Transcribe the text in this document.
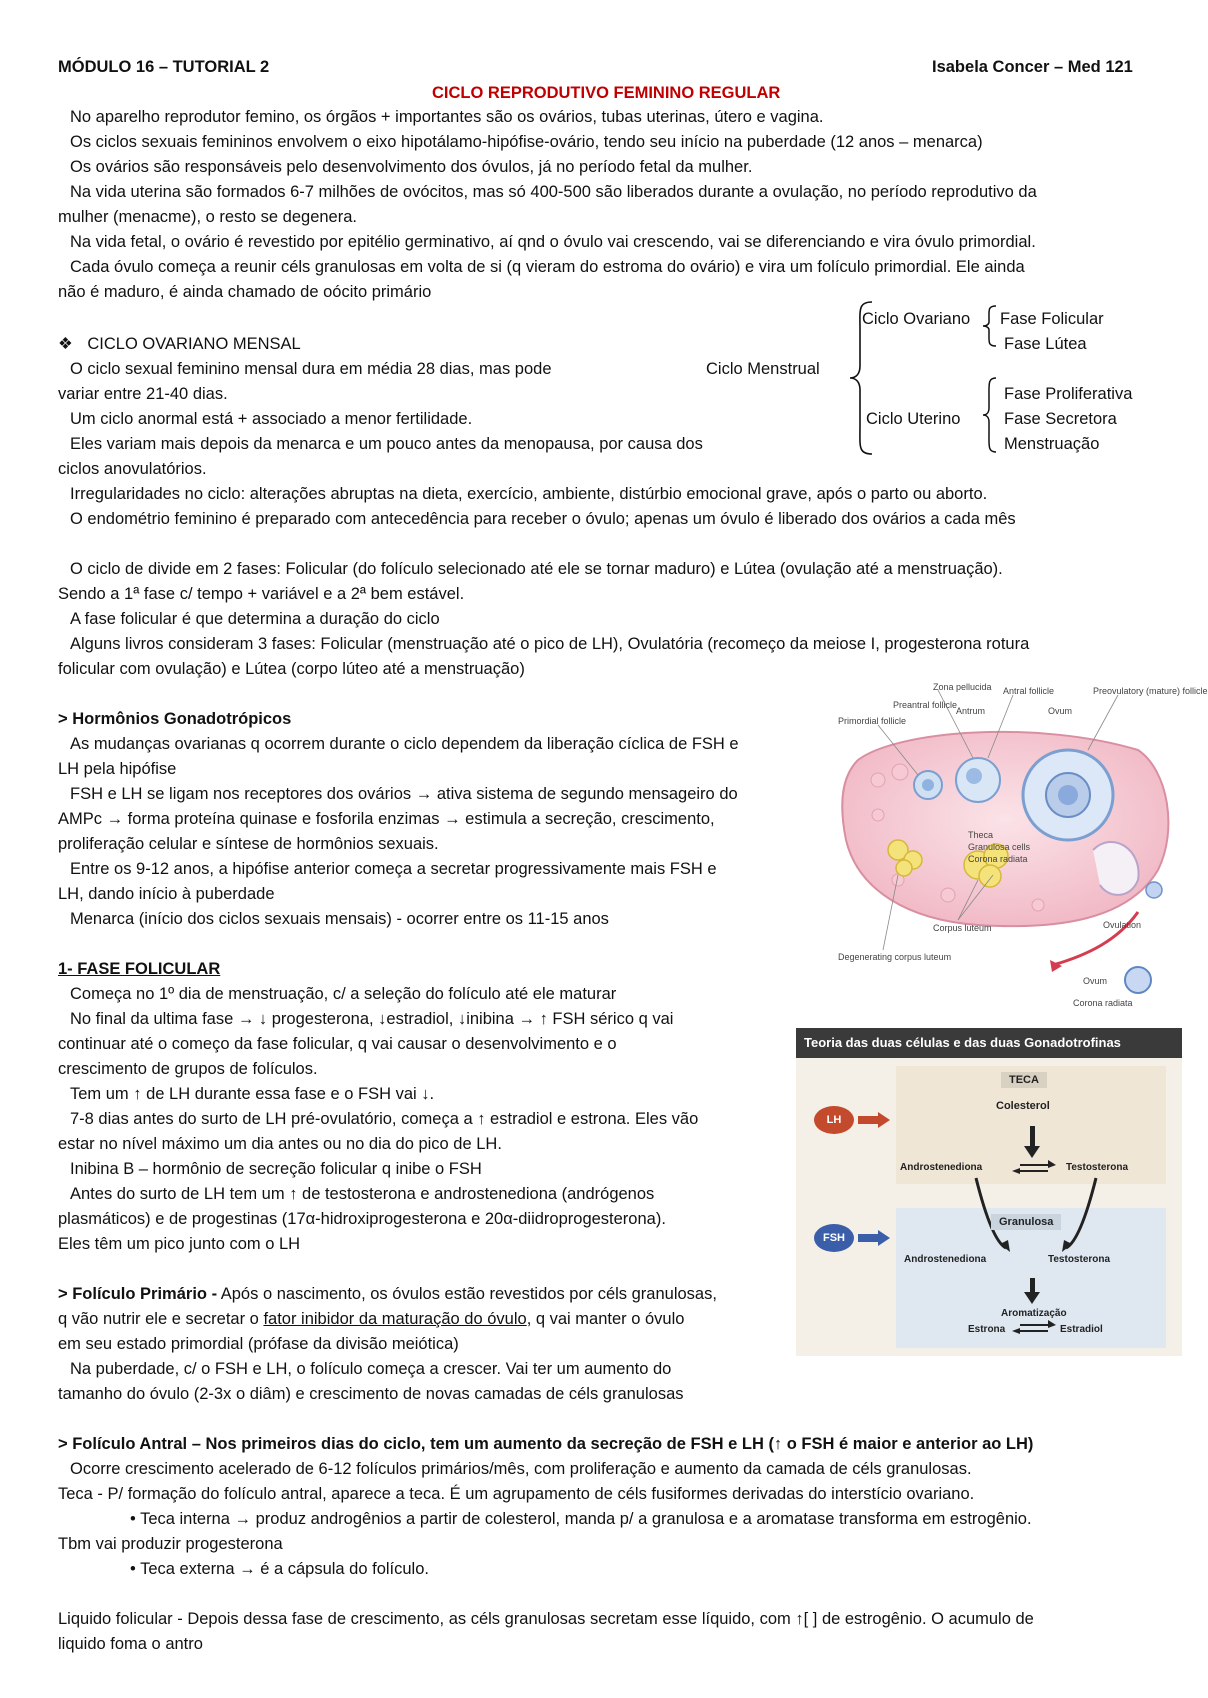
MÓDULO 16 – TUTORIAL 2	Isabela Concer – Med 121
CICLO REPRODUTIVO FEMININO REGULAR
No aparelho reprodutor femino, os órgãos + importantes são os ovários, tubas uterinas, útero e vagina.
Os ciclos sexuais femininos envolvem o eixo hipotálamo-hipófise-ovário, tendo seu início na puberdade (12 anos – menarca)
Os ovários são responsáveis pelo desenvolvimento dos óvulos, já no período fetal da mulher.
Na vida uterina são formados 6-7 milhões de ovócitos, mas só 400-500 são liberados durante a ovulação, no período reprodutivo da
mulher (menacme), o resto se degenera.
Na vida fetal, o ovário é revestido por epitélio germinativo, aí qnd o óvulo vai crescendo, vai se diferenciando e vira óvulo primordial.
Cada óvulo começa a reunir céls granulosas em volta de si (q vieram do estroma do ovário) e vira um folículo primordial. Ele ainda
não é maduro, é ainda chamado de oócito primário
Ciclo Ovariano Fase Folicular
Fase Lútea
Ciclo Menstrual
Fase Proliferativa
Ciclo Uterino	Fase Secretora
Menstruação
❖ CICLO OVARIANO MENSAL
O ciclo sexual feminino mensal dura em média 28 dias, mas pode
variar entre 21-40 dias.
Um ciclo anormal está + associado a menor fertilidade.
Eles variam mais depois da menarca e um pouco antes da menopausa, por causa dos
ciclos anovulatórios.
Irregularidades no ciclo: alterações abruptas na dieta, exercício, ambiente, distúrbio emocional grave, após o parto ou aborto.
O endométrio feminino é preparado com antecedência para receber o óvulo; apenas um óvulo é liberado dos ovários a cada mês
O ciclo de divide em 2 fases: Folicular (do folículo selecionado até ele se tornar maduro) e Lútea (ovulação até a menstruação).
Sendo a 1ª fase c/ tempo + variável e a 2ª bem estável.
A fase folicular é que determina a duração do ciclo
Alguns livros consideram 3 fases: Folicular (menstruação até o pico de LH), Ovulatória (recomeço da meiose I, progesterona rotura
folicular com ovulação) e Lútea (corpo lúteo até a menstruação)
> Hormônios Gonadotrópicos
As mudanças ovarianas q ocorrem durante o ciclo dependem da liberação cíclica de FSH e
LH pela hipófise
FSH e LH se ligam nos receptores dos ovários → ativa sistema de segundo mensageiro do
AMPc → forma proteína quinase e fosforila enzimas → estimula a secreção, crescimento,
proliferação celular e síntese de hormônios sexuais.
Entre os 9-12 anos, a hipófise anterior começa a secretar progressivamente mais FSH e
LH, dando início à puberdade
Menarca (início dos ciclos sexuais mensais) - ocorrer entre os 11-15 anos
1- FASE FOLICULAR
Começa no 1º dia de menstruação, c/ a seleção do folículo até ele maturar
No final da ultima fase → ↓ progesterona, ↓estradiol, ↓inibina → ↑ FSH sérico q vai
continuar até o começo da fase folicular, q vai causar o desenvolvimento e o
crescimento de grupos de folículos.
Tem um ↑ de LH durante essa fase e o FSH vai ↓.
7-8 dias antes do surto de LH pré-ovulatório, começa a ↑ estradiol e estrona. Eles vão
estar no nível máximo um dia antes ou no dia do pico de LH.
Inibina B – hormônio de secreção folicular q inibe o FSH
Antes do surto de LH tem um ↑ de testosterona e androstenediona (andrógenos
plasmáticos) e de progestinas (17α-hidroxiprogesterona e 20α-diidroprogesterona).
Eles têm um pico junto com o LH
> Folículo Primário - Após o nascimento, os óvulos estão revestidos por céls granulosas,
q vão nutrir ele e secretar o fator inibidor da maturação do óvulo, q vai manter o óvulo
em seu estado primordial (prófase da divisão meiótica)
Na puberdade, c/ o FSH e LH, o folículo começa a crescer. Vai ter um aumento do
tamanho do óvulo (2-3x o diâm) e crescimento de novas camadas de céls granulosas
> Folículo Antral – Nos primeiros dias do ciclo, tem um aumento da secreção de FSH e LH (↑ o FSH é maior e anterior ao LH)
Ocorre crescimento acelerado de 6-12 folículos primários/mês, com proliferação e aumento da camada de céls granulosas.
Teca - P/ formação do folículo antral, aparece a teca. É um agrupamento de céls fusiformes derivadas do interstício ovariano.
• Teca interna → produz androgênios a partir de colesterol, manda p/ a granulosa e a aromatase transforma em estrogênio.
Tbm vai produzir progesterona
• Teca externa → é a cápsula do folículo.
Liquido folicular - Depois dessa fase de crescimento, as céls granulosas secretam esse líquido, com ↑[ ] de estrogênio. O acumulo de
liquido foma o antro
Zona pellucida Antral follicle	Preovulatory (mature) follicle
Primordial follicle
Preantral follicle
Antrum	Ovum
Theca
Granulosa cells
Corona radiata
Degenerating corpus luteum
Corpus luteum	Ovulation
Ovum
Corona radiata
Teoria das duas células e das duas Gonadotrofinas
LH
FSH
TECA
Colesterol
Androstenediona	Testosterona
Granulosa
Androstenediona	Testosterona
Aromatização
Estrona	Estradiol
